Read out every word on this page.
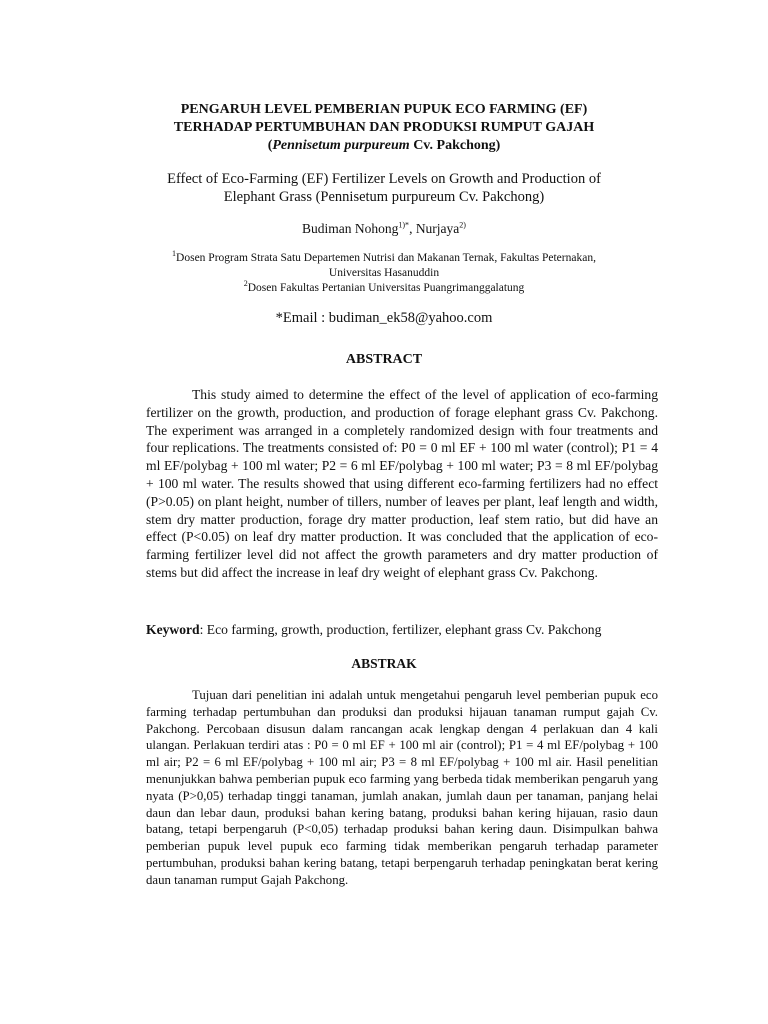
PENGARUH LEVEL PEMBERIAN PUPUK ECO FARMING (EF)
TERHADAP PERTUMBUHAN DAN PRODUKSI RUMPUT GAJAH
(Pennisetum purpureum Cv. Pakchong)
Effect of Eco-Farming (EF) Fertilizer Levels on Growth and Production of
Elephant Grass (Pennisetum purpureum Cv. Pakchong)
Budiman Nohong$^{1)*}$, Nurjaya$^{2)}$
$^1$Dosen Program Strata Satu Departemen Nutrisi dan Makanan Ternak, Fakultas Peternakan,
Universitas Hasanuddin
$^2$Dosen Fakultas Pertanian Universitas Puangrimanggalatung
*Email : budiman_ek58@yahoo.com
ABSTRACT
This study aimed to determine the effect of the level of application of eco-farming fertilizer on the growth, production, and production of forage elephant grass Cv. Pakchong. The experiment was arranged in a completely randomized design with four treatments and four replications. The treatments consisted of: P0 = 0 ml EF + 100 ml water (control); P1 = 4 ml EF/polybag + 100 ml water; P2 = 6 ml EF/polybag + 100 ml water; P3 = 8 ml EF/polybag + 100 ml water. The results showed that using different eco-farming fertilizers had no effect (P>0.05) on plant height, number of tillers, number of leaves per plant, leaf length and width, stem dry matter production, forage dry matter production, leaf stem ratio, but did have an effect (P<0.05) on leaf dry matter production. It was concluded that the application of eco-farming fertilizer level did not affect the growth parameters and dry matter production of stems but did affect the increase in leaf dry weight of elephant grass Cv. Pakchong.
Keyword: Eco farming, growth, production, fertilizer, elephant grass Cv. Pakchong
ABSTRAK
Tujuan dari penelitian ini adalah untuk mengetahui pengaruh level pemberian pupuk eco farming terhadap pertumbuhan dan produksi dan produksi hijauan tanaman rumput gajah Cv. Pakchong. Percobaan disusun dalam rancangan acak lengkap dengan 4 perlakuan dan 4 kali ulangan. Perlakuan terdiri atas : P0 = 0 ml EF + 100 ml air (control); P1 = 4 ml EF/polybag + 100 ml air; P2 = 6 ml EF/polybag + 100 ml air; P3 = 8 ml EF/polybag + 100 ml air. Hasil penelitian menunjukkan bahwa pemberian pupuk eco farming yang berbeda tidak memberikan pengaruh yang nyata (P>0,05) terhadap tinggi tanaman, jumlah anakan, jumlah daun per tanaman, panjang helai daun dan lebar daun, produksi bahan kering batang, produksi bahan kering hijauan, rasio daun batang, tetapi berpengaruh (P<0,05) terhadap produksi bahan kering daun. Disimpulkan bahwa pemberian pupuk level pupuk eco farming tidak memberikan pengaruh terhadap parameter pertumbuhan, produksi bahan kering batang, tetapi berpengaruh terhadap peningkatan berat kering daun tanaman rumput Gajah Pakchong.
